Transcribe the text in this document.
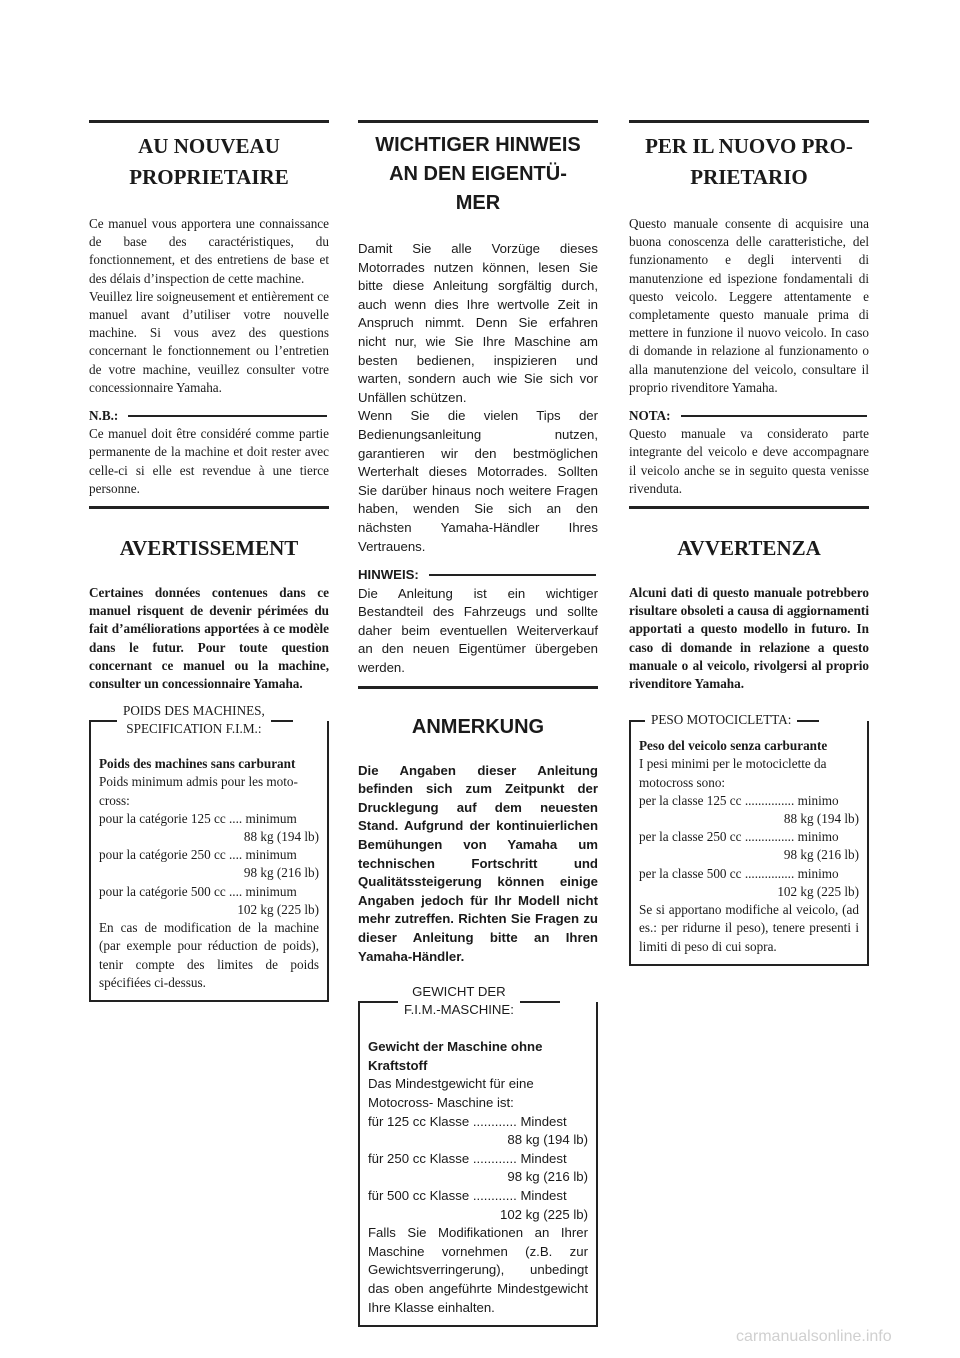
AU NOUVEAU
PROPRIETAIRE

Ce manuel vous apportera une connaissance de base des caractéristiques, du fonctionnement, et des entretiens de base et des délais d’inspection de cette machine.

Veuillez lire soigneusement et entièrement ce manuel avant d’utiliser votre nouvelle machine. Si vous avez des questions concernant le fonctionnement ou l’entretien de votre machine, veuillez consulter votre concessionnaire Yamaha.

N.B.:

Ce manuel doit être considéré comme partie permanente de la machine et doit rester avec celle-ci si elle est revendue à une tierce personne.

AVERTISSEMENT

Certaines données contenues dans ce manuel risquent de devenir périmées du fait d’améliorations apportées à ce modèle dans le futur. Pour toute question concernant ce manuel ou la machine, consulter un concessionnaire Yamaha.

POIDS DES MACHINES,
SPECIFICATION F.I.M.:
Poids des machines sans carburant
Poids minimum admis pour les moto-cross:
pour la catégorie 125 cc .... minimum
88 kg (194 lb)
pour la catégorie 250 cc .... minimum
98 kg (216 lb)
pour la catégorie 500 cc .... minimum
102 kg (225 lb)

En cas de modification de la machine (par exemple pour réduction de poids), tenir compte des limites de poids spécifiées ci-dessus.

WICHTIGER HINWEIS
AN DEN EIGENTÜ-
MER

Damit Sie alle Vorzüge dieses Motorrades nutzen können, lesen Sie bitte diese Anleitung sorgfältig durch, auch wenn dies Ihre wertvolle Zeit in Anspruch nimmt. Denn Sie erfahren nicht nur, wie Sie Ihre Maschine am besten bedienen, inspizieren und warten, sondern auch wie Sie sich vor Unfällen schützen.

Wenn Sie die vielen Tips der Bedienungsanleitung nutzen, garantieren wir den bestmöglichen Werterhalt dieses Motorrades. Sollten Sie darüber hinaus noch weitere Fragen haben, wenden Sie sich an den nächsten Yamaha-Händler Ihres Vertrauens.

HINWEIS:

Die Anleitung ist ein wichtiger Bestandteil des Fahrzeugs und sollte daher beim eventuellen Weiterverkauf an den neuen Eigentümer übergeben werden.

ANMERKUNG

Die Angaben dieser Anleitung befinden sich zum Zeitpunkt der Drucklegung auf dem neuesten Stand. Aufgrund der kontinuierlichen Bemühungen von Yamaha um technischen Fortschritt und Qualitätssteigerung können einige Angaben jedoch für Ihr Modell nicht mehr zutreffen. Richten Sie Fragen zu dieser Anleitung bitte an Ihren Yamaha-Händler.

GEWICHT DER
F.I.M.-MASCHINE:
Gewicht der Maschine ohne Kraftstoff
Das Mindestgewicht für eine Motocross- Maschine ist:
für 125 cc Klasse ............ Mindest
88 kg (194 lb)
für 250 cc Klasse ............ Mindest
98 kg (216 lb)
für 500 cc Klasse ............ Mindest
102 kg (225 lb)

Falls Sie Modifikationen an Ihrer Maschine vornehmen (z.B. zur Gewichtsverringerung), unbedingt das oben angeführte Mindestgewicht Ihre Klasse einhalten.

PER IL NUOVO PRO-
PRIETARIO

Questo manuale consente di acquisire una buona conoscenza delle caratteristiche, del funzionamento e degli interventi di manutenzione ed ispezione fondamentali di questo veicolo. Leggere attentamente e completamente questo manuale prima di mettere in funzione il nuovo veicolo. In caso di domande in relazione al funzionamento o alla manutenzione del veicolo, consultare il proprio rivenditore Yamaha.

NOTA:

Questo manuale va considerato parte integrante del veicolo e deve accompagnare il veicolo anche se in seguito questa venisse rivenduta.

AVVERTENZA

Alcuni dati di questo manuale potrebbero risultare obsoleti a causa di aggiornamenti apportati a questo modello in futuro. In caso di domande in relazione a questo manuale o al veicolo, rivolgersi al proprio rivenditore Yamaha.

PESO MOTOCICLETTA:
Peso del veicolo senza carburante
I pesi minimi per le motociclette da motocross sono:
per la classe 125 cc ............... minimo
88 kg (194 lb)
per la classe 250 cc ............... minimo
98 kg (216 lb)
per la classe 500 cc ............... minimo
102 kg (225 lb)

Se si apportano modifiche al veicolo, (ad es.: per ridurne il peso), tenere presenti i limiti di peso di cui sopra.

carmanualsonline.info
